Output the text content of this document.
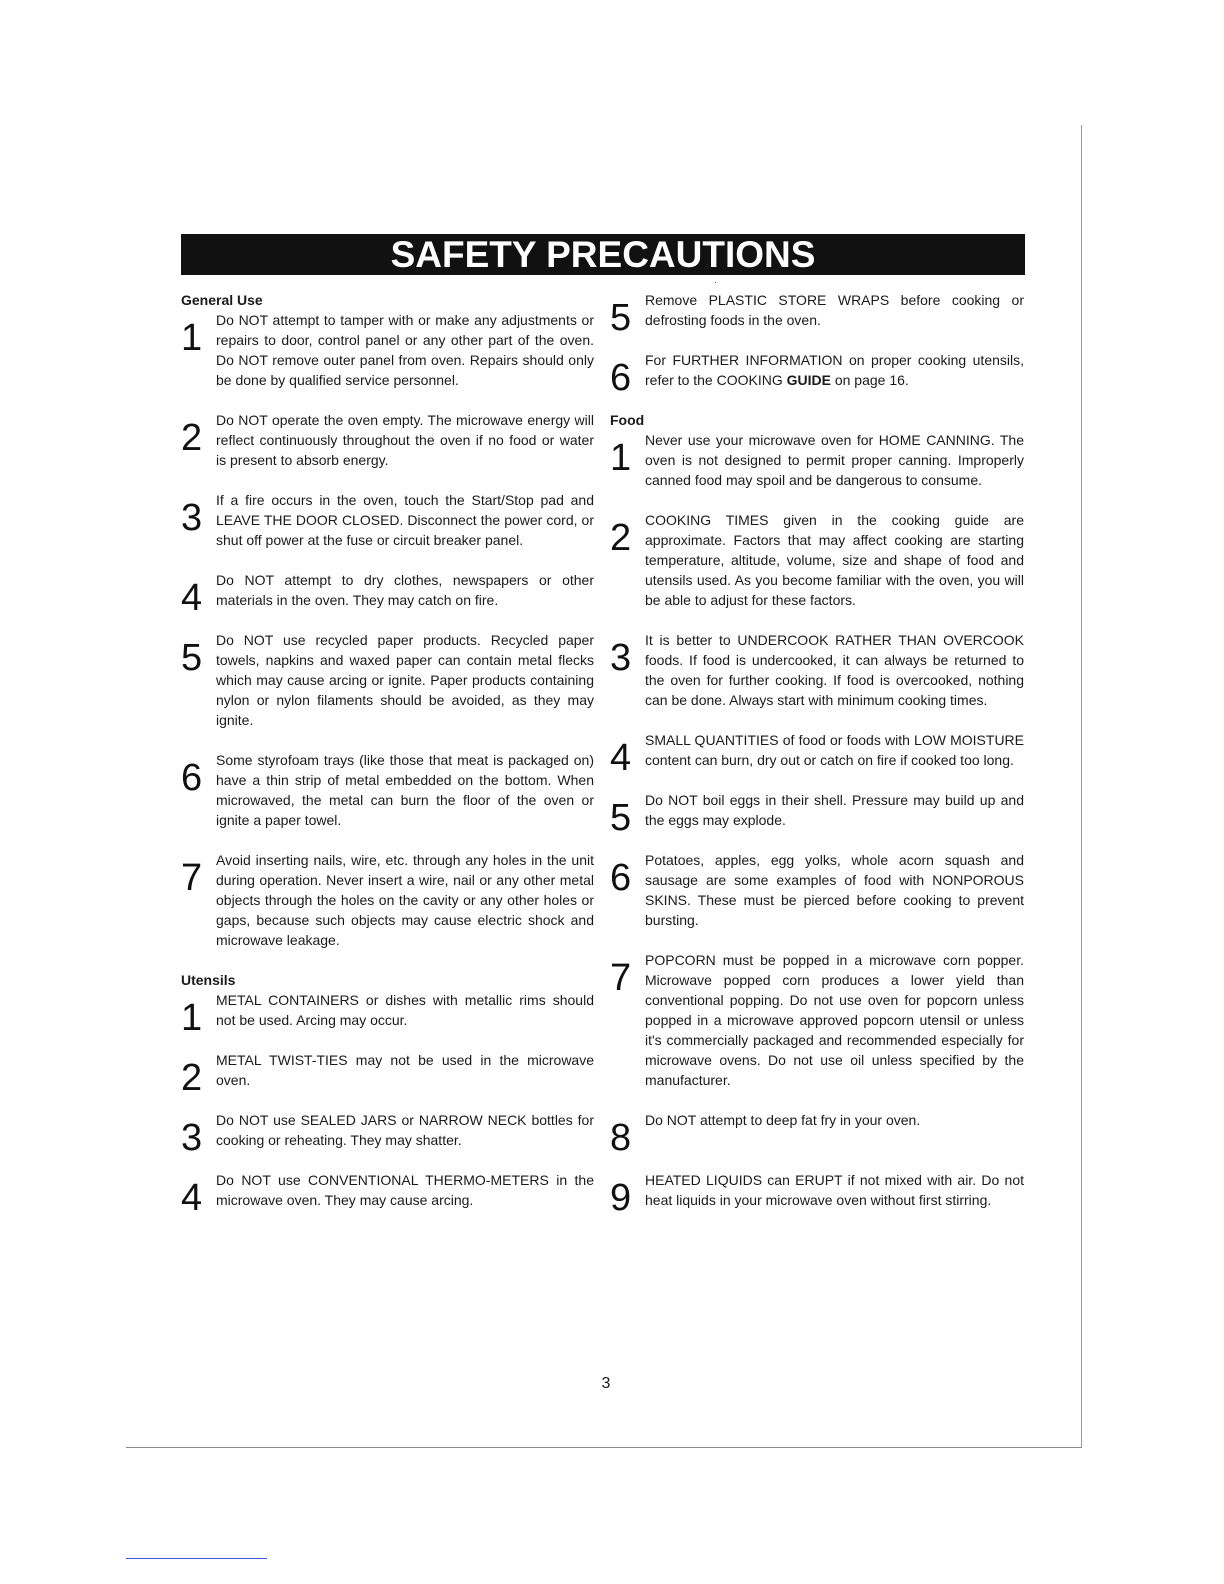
SAFETY PRECAUTIONS

General Use

1 Do NOT attempt to tamper with or make any adjustments or repairs to door, control panel or any other part of the oven. Do NOT remove outer panel from oven. Repairs should only be done by qualified service personnel.
2 Do NOT operate the oven empty. The microwave energy will reflect continuously throughout the oven if no food or water is present to absorb energy.
3 If a fire occurs in the oven, touch the Start/Stop pad and LEAVE THE DOOR CLOSED. Disconnect the power cord, or shut off power at the fuse or circuit breaker panel.
4 Do NOT attempt to dry clothes, newspapers or other materials in the oven. They may catch on fire.
5 Do NOT use recycled paper products. Recycled paper towels, napkins and waxed paper can contain metal flecks which may cause arcing or ignite. Paper products containing nylon or nylon filaments should be avoided, as they may ignite.
6 Some styrofoam trays (like those that meat is packaged on) have a thin strip of metal embedded on the bottom. When microwaved, the metal can burn the floor of the oven or ignite a paper towel.
7 Avoid inserting nails, wire, etc. through any holes in the unit during operation. Never insert a wire, nail or any other metal objects through the holes on the cavity or any other holes or gaps, because such objects may cause electric shock and microwave leakage.

Utensils

1 METAL CONTAINERS or dishes with metallic rims should not be used. Arcing may occur.
2 METAL TWIST-TIES may not be used in the microwave oven.
3 Do NOT use SEALED JARS or NARROW NECK bottles for cooking or reheating. They may shatter.
4 Do NOT use CONVENTIONAL THERMO-METERS in the microwave oven. They may cause arcing.
5 Remove PLASTIC STORE WRAPS before cooking or defrosting foods in the oven.
6 For FURTHER INFORMATION on proper cooking utensils, refer to the COOKING GUIDE on page 16.

Food

1 Never use your microwave oven for HOME CANNING. The oven is not designed to permit proper canning. Improperly canned food may spoil and be dangerous to consume.
2 COOKING TIMES given in the cooking guide are approximate. Factors that may affect cooking are starting temperature, altitude, volume, size and shape of food and utensils used. As you become familiar with the oven, you will be able to adjust for these factors.
3 It is better to UNDERCOOK RATHER THAN OVERCOOK foods. If food is undercooked, it can always be returned to the oven for further cooking. If food is overcooked, nothing can be done. Always start with minimum cooking times.
4 SMALL QUANTITIES of food or foods with LOW MOISTURE content can burn, dry out or catch on fire if cooked too long.
5 Do NOT boil eggs in their shell. Pressure may build up and the eggs may explode.
6 Potatoes, apples, egg yolks, whole acorn squash and sausage are some examples of food with NONPOROUS SKINS. These must be pierced before cooking to prevent bursting.
7 POPCORN must be popped in a microwave corn popper. Microwave popped corn produces a lower yield than conventional popping. Do not use oven for popcorn unless popped in a microwave approved popcorn utensil or unless it's commercially packaged and recommended especially for microwave ovens. Do not use oil unless specified by the manufacturer.
8 Do NOT attempt to deep fat fry in your oven.
9 HEATED LIQUIDS can ERUPT if not mixed with air. Do not heat liquids in your microwave oven without first stirring.
3
